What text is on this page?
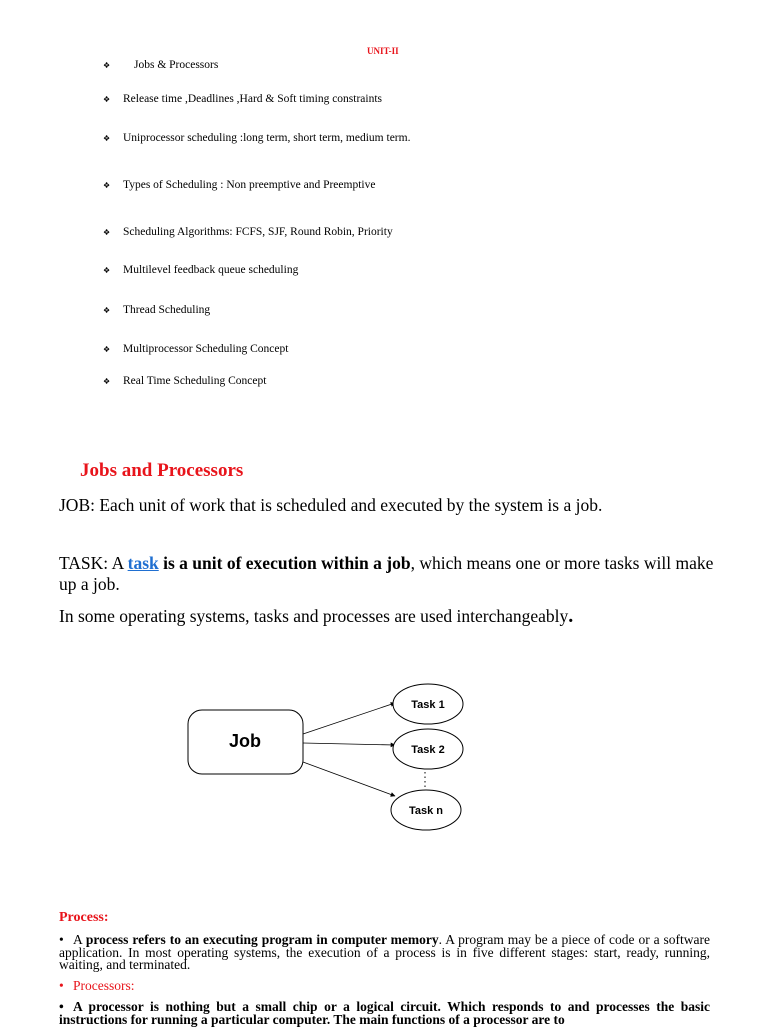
UNIT-II
❖ Jobs & Processors
❖ Release time ,Deadlines ,Hard & Soft timing constraints
❖ Uniprocessor scheduling :long term, short term, medium term.
❖ Types of Scheduling : Non preemptive and Preemptive
❖ Scheduling Algorithms: FCFS, SJF, Round Robin, Priority
❖ Multilevel feedback queue scheduling
❖ Thread Scheduling
❖ Multiprocessor Scheduling Concept
❖ Real Time Scheduling Concept
Jobs and Processors
JOB: Each unit of work that is scheduled and executed by the system is a job.
TASK: A task is a unit of execution within a job, which means one or more tasks will make up a job.
In some operating systems, tasks and processes are used interchangeably.
Job
Task 1
Task 2
Task n
Process:
• A process refers to an executing program in computer memory. A program may be a piece of code or a software application. In most operating systems, the execution of a process is in five different stages: start, ready, running, waiting, and terminated.
• Processors:
• A processor is nothing but a small chip or a logical circuit. Which responds to and processes the basic instructions for running a particular computer. The main functions of a processor are to
